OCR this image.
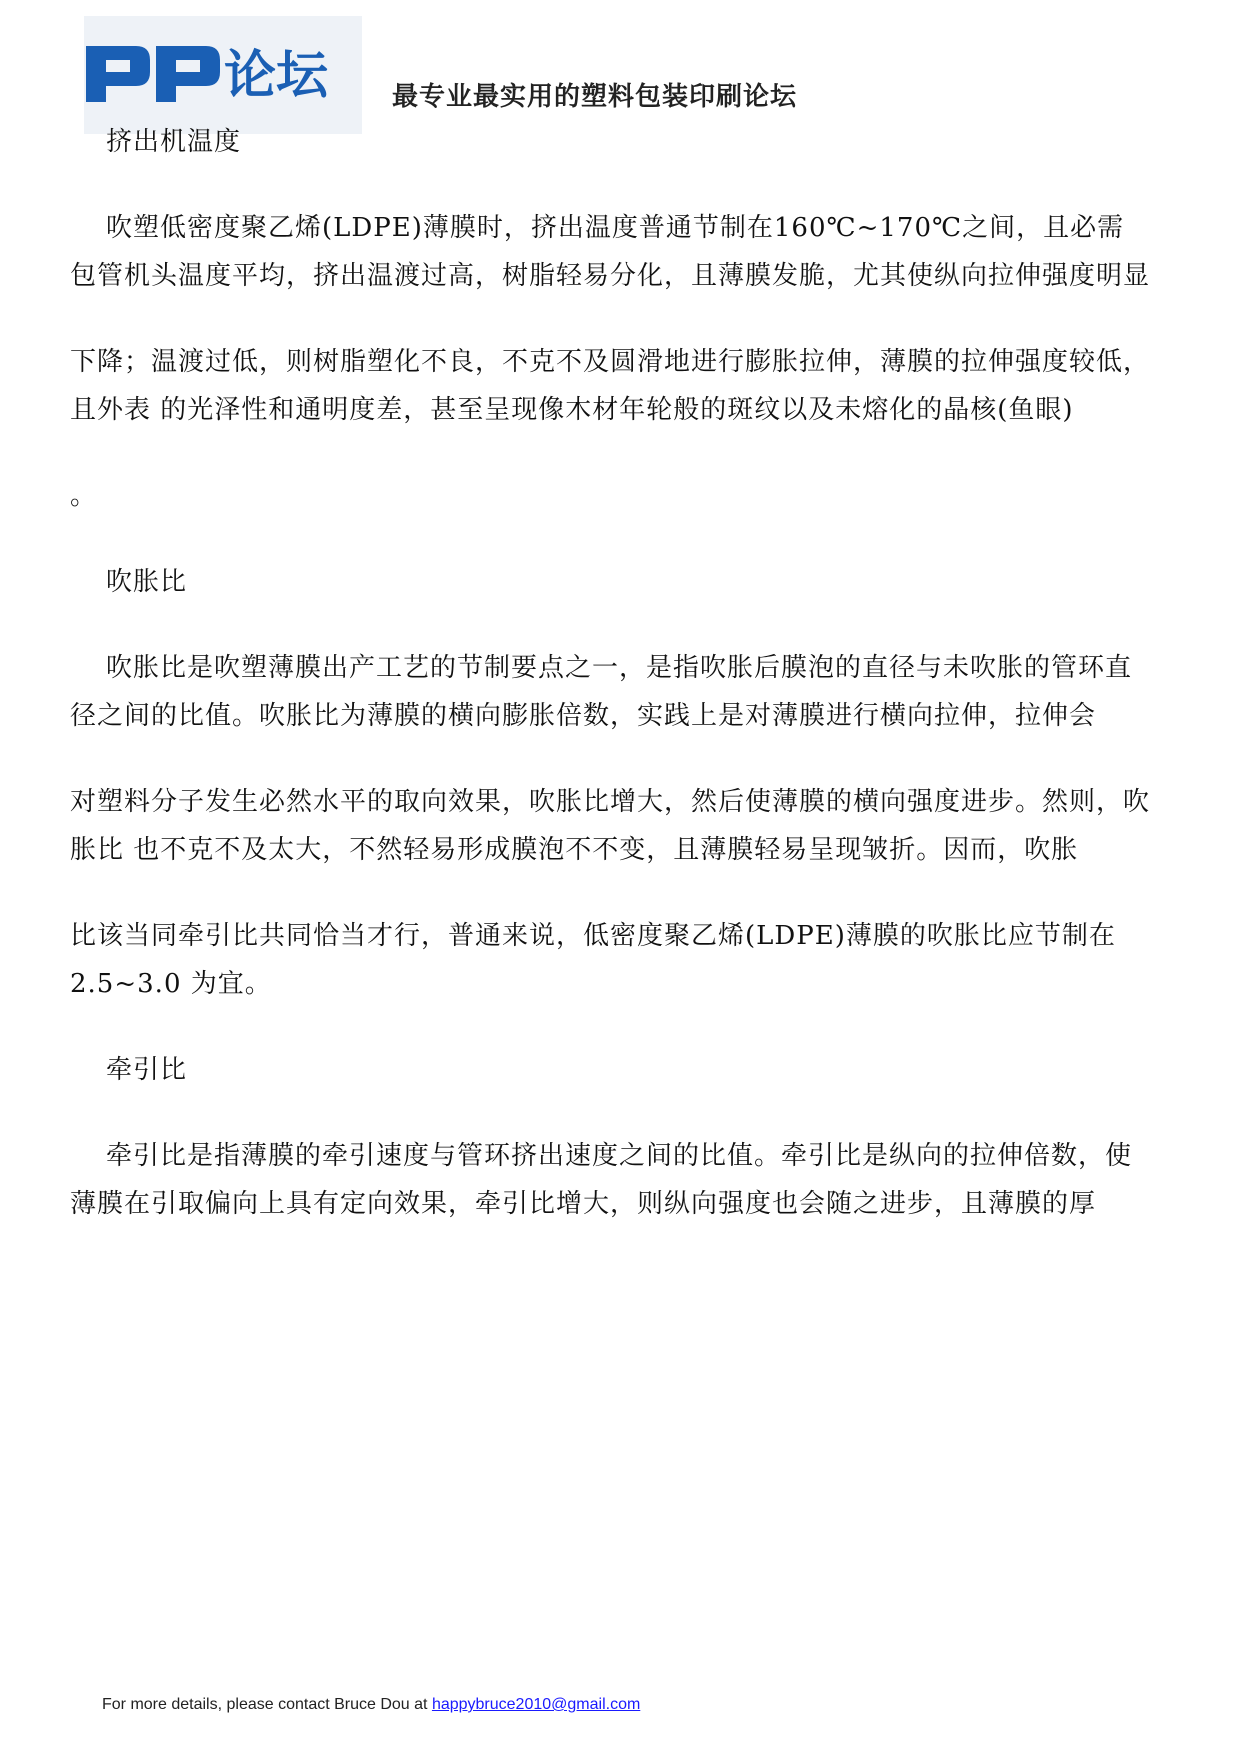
论坛 最专业最实用的塑料包装印刷论坛

挤出机温度

吹塑低密度聚乙烯(LDPE)薄膜时，挤出温度普通节制在160℃~170℃之间，且必需包管机头温度平均，挤出温渡过高，树脂轻易分化，且薄膜发脆，尤其使纵向拉伸强度明显

下降；温渡过低，则树脂塑化不良，不克不及圆滑地进行膨胀拉伸，薄膜的拉伸强度较低，且外表 的光泽性和通明度差，甚至呈现像木材年轮般的斑纹以及未熔化的晶核(鱼眼)

。

吹胀比

吹胀比是吹塑薄膜出产工艺的节制要点之一，是指吹胀后膜泡的直径与未吹胀的管环直径之间的比值。吹胀比为薄膜的横向膨胀倍数，实践上是对薄膜进行横向拉伸，拉伸会

对塑料分子发生必然水平的取向效果，吹胀比增大，然后使薄膜的横向强度进步。然则，吹胀比 也不克不及太大，不然轻易形成膜泡不不变，且薄膜轻易呈现皱折。因而，吹胀

比该当同牵引比共同恰当才行，普通来说，低密度聚乙烯(LDPE)薄膜的吹胀比应节制在 2.5~3.0 为宜。

牵引比

牵引比是指薄膜的牵引速度与管环挤出速度之间的比值。牵引比是纵向的拉伸倍数，使薄膜在引取偏向上具有定向效果，牵引比增大，则纵向强度也会随之进步，且薄膜的厚

For more details, please contact Bruce Dou at happybruce2010@gmail.com
